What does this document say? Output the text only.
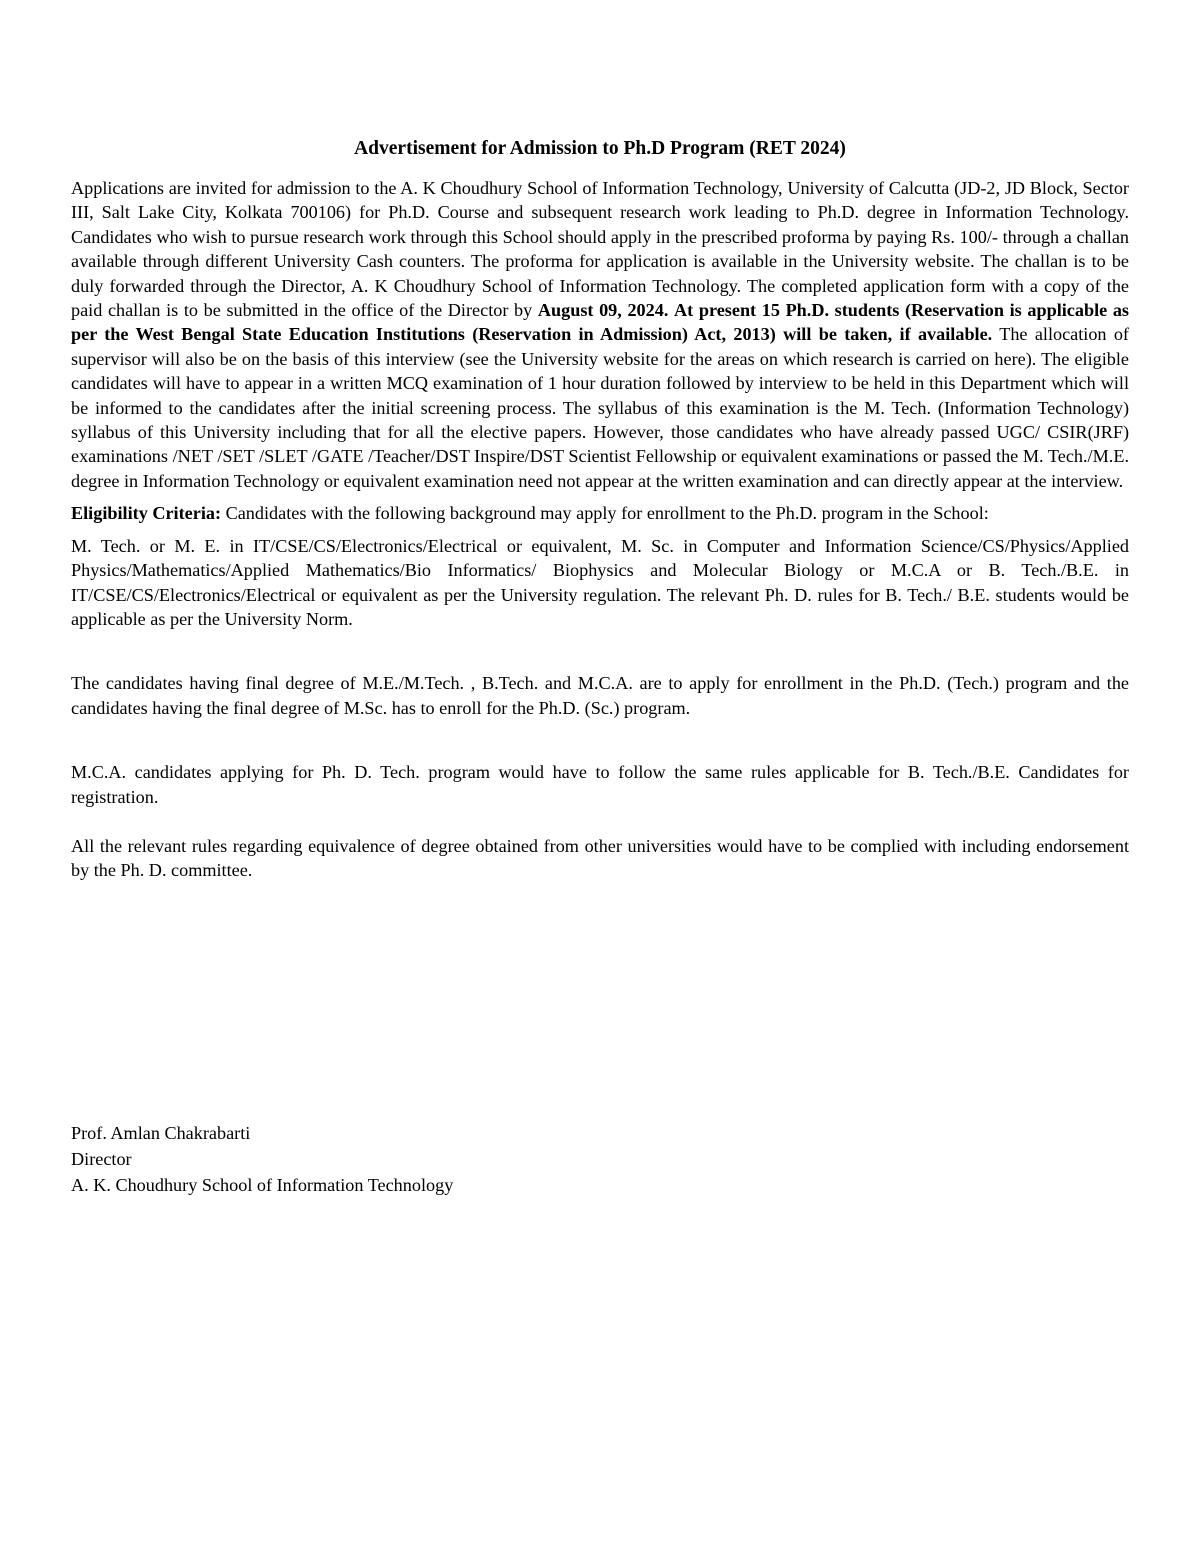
Advertisement for Admission to Ph.D Program (RET 2024)

Applications are invited for admission to the A. K Choudhury School of Information Technology, University of Calcutta (JD-2, JD Block, Sector III, Salt Lake City, Kolkata 700106) for Ph.D. Course and subsequent research work leading to Ph.D. degree in Information Technology. Candidates who wish to pursue research work through this School should apply in the prescribed proforma by paying Rs. 100/- through a challan available through different University Cash counters. The proforma for application is available in the University website. The challan is to be duly forwarded through the Director, A. K Choudhury School of Information Technology. The completed application form with a copy of the paid challan is to be submitted in the office of the Director by August 09, 2024. At present 15 Ph.D. students (Reservation is applicable as per the West Bengal State Education Institutions (Reservation in Admission) Act, 2013) will be taken, if available. The allocation of supervisor will also be on the basis of this interview (see the University website for the areas on which research is carried on here). The eligible candidates will have to appear in a written MCQ examination of 1 hour duration followed by interview to be held in this Department which will be informed to the candidates after the initial screening process. The syllabus of this examination is the M. Tech. (Information Technology) syllabus of this University including that for all the elective papers. However, those candidates who have already passed UGC/ CSIR(JRF) examinations /NET /SET /SLET /GATE /Teacher/DST Inspire/DST Scientist Fellowship or equivalent examinations or passed the M. Tech./M.E. degree in Information Technology or equivalent examination need not appear at the written examination and can directly appear at the interview.

Eligibility Criteria: Candidates with the following background may apply for enrollment to the Ph.D. program in the School:

M. Tech. or M. E. in IT/CSE/CS/Electronics/Electrical or equivalent, M. Sc. in Computer and Information Science/CS/Physics/Applied Physics/Mathematics/Applied Mathematics/Bio Informatics/ Biophysics and Molecular Biology or M.C.A or B. Tech./B.E. in IT/CSE/CS/Electronics/Electrical or equivalent as per the University regulation. The relevant Ph. D. rules for B. Tech./ B.E. students would be applicable as per the University Norm.

The candidates having final degree of M.E./M.Tech. , B.Tech. and M.C.A. are to apply for enrollment in the Ph.D. (Tech.) program and the candidates having the final degree of M.Sc. has to enroll for the Ph.D. (Sc.) program.

M.C.A. candidates applying for Ph. D. Tech. program would have to follow the same rules applicable for B. Tech./B.E. Candidates for registration.

All the relevant rules regarding equivalence of degree obtained from other universities would have to be complied with including endorsement by the Ph. D. committee.

Prof. Amlan Chakrabarti
Director
A. K. Choudhury School of Information Technology
